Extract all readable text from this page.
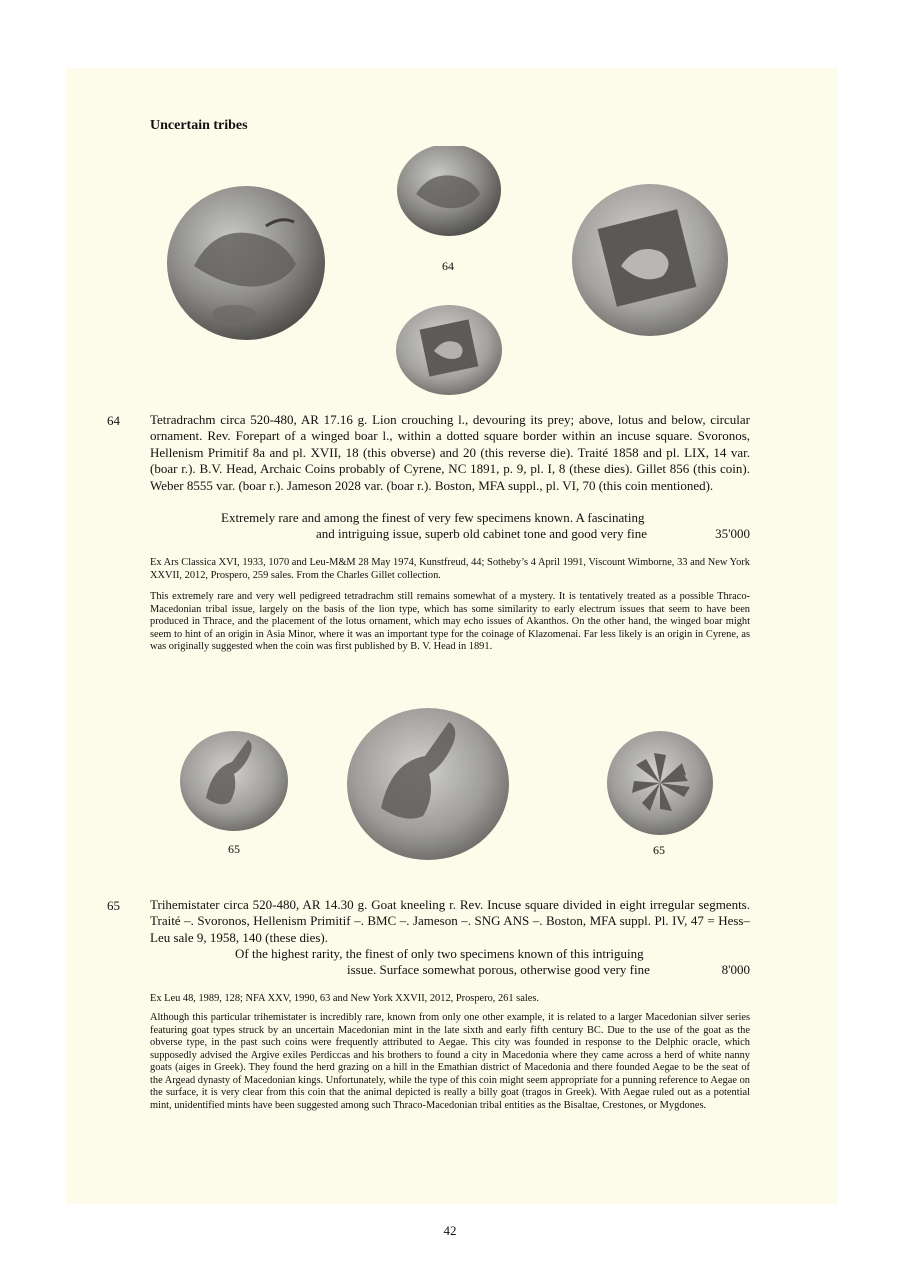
Uncertain tribes
64
64 Tetradrachm circa 520-480, AR 17.16 g. Lion crouching l., devouring its prey; above, lotus and below, circular ornament. Rev. Forepart of a winged boar l., within a dotted square border within an incuse square. Svoronos, Hellenism Primitif 8a and pl. XVII, 18 (this obverse) and 20 (this reverse die). Traité 1858 and pl. LIX, 14 var. (boar r.). B.V. Head, Archaic Coins probably of Cyrene, NC 1891, p. 9, pl. I, 8 (these dies). Gillet 856 (this coin). Weber 8555 var. (boar r.). Jameson 2028 var. (boar r.). Boston, MFA suppl., pl. VI, 70 (this coin mentioned).
Extremely rare and among the finest of very few specimens known. A fascinating
and intriguing issue, superb old cabinet tone and good very fine	35'000
Ex Ars Classica XVI, 1933, 1070 and Leu-M&M 28 May 1974, Kunstfreud, 44; Sotheby’s 4 April 1991, Viscount Wimborne, 33 and New York XXVII, 2012, Prospero, 259 sales. From the Charles Gillet collection.
This extremely rare and very well pedigreed tetradrachm still remains somewhat of a mystery. It is tentatively treated as a possible Thraco-Macedonian tribal issue, largely on the basis of the lion type, which has some similarity to early electrum issues that seem to have been produced in Thrace, and the placement of the lotus ornament, which may echo issues of Akanthos. On the other hand, the winged boar might seem to hint of an origin in Asia Minor, where it was an important type for the coinage of Klazomenai. Far less likely is an origin in Cyrene, as was originally suggested when the coin was first published by B. V. Head in 1891.
65	65
65 Trihemistater circa 520-480, AR 14.30 g. Goat kneeling r. Rev. Incuse square divided in eight irregular segments. Traité –. Svoronos, Hellenism Primitif –. BMC –. Jameson –. SNG ANS –. Boston, MFA suppl. Pl. IV, 47 = Hess–Leu sale 9, 1958, 140 (these dies).
Of the highest rarity, the finest of only two specimens known of this intriguing
issue. Surface somewhat porous, otherwise good very fine	8'000
Ex Leu 48, 1989, 128; NFA XXV, 1990, 63 and New York XXVII, 2012, Prospero, 261 sales.
Although this particular trihemistater is incredibly rare, known from only one other example, it is related to a larger Macedonian silver series featuring goat types struck by an uncertain Macedonian mint in the late sixth and early fifth century BC. Due to the use of the goat as the obverse type, in the past such coins were frequently attributed to Aegae. This city was founded in response to the Delphic oracle, which supposedly advised the Argive exiles Perdiccas and his brothers to found a city in Macedonia where they came across a herd of white nanny goats (aiges in Greek). They found the herd grazing on a hill in the Emathian district of Macedonia and there founded Aegae to be the seat of the Argead dynasty of Macedonian kings. Unfortunately, while the type of this coin might seem appropriate for a punning reference to Aegae on the surface, it is very clear from this coin that the animal depicted is really a billy goat (tragos in Greek). With Aegae ruled out as a potential mint, unidentified mints have been suggested among such Thraco-Macedonian tribal entities as the Bisaltae, Crestones, or Mygdones.
42
